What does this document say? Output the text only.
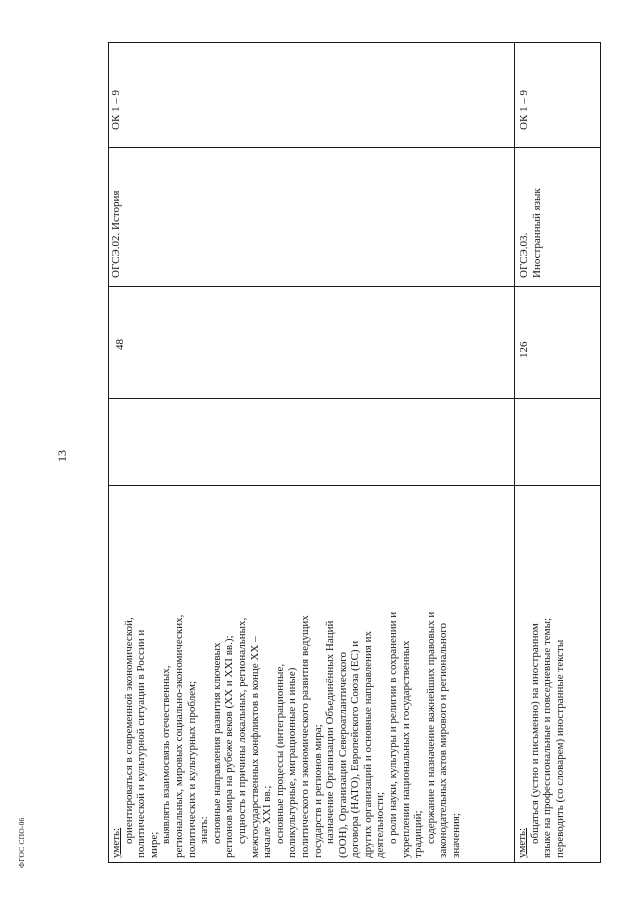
13
ФГОС СПО-06	уметь: ориентироваться в современной экономической, политической и культурной ситуации в России и мире;
выявлять взаимосвязь отечественных, региональных, мировых социально-экономических, политических и культурных проблем; знать: основные направления развития ключевых регионов мира на рубеже веков (XX и XXI вв.); сущность и причины локальных, региональных, межгосударственных конфликтов в конце XX – начале XXI вв.; основные процессы (интеграционные, поликультурные, миграционные и иные) политического и экономического развития ведущих государств и регионов мира; назначение Организации Объединённых Наций (ООН), Организации Североатлантического договора (НАТО), Европейского Союза (ЕС) и других организаций и основные направления их деятельности; о роли науки, культуры и религии в сохранении и укреплении национальных и государственных традиций; содержание и назначение важнейших правовых и законодательных актов мирового и регионального значения;
48
ОГСЭ.02. История
ОК 1 – 9
уметь: общаться (устно и письменно) на иностранном языке на профессиональные и повседневные темы; переводить (со словарем) иностранные тексты
126
ОГСЭ.03. Иностранный язык
ОК 1 – 9
